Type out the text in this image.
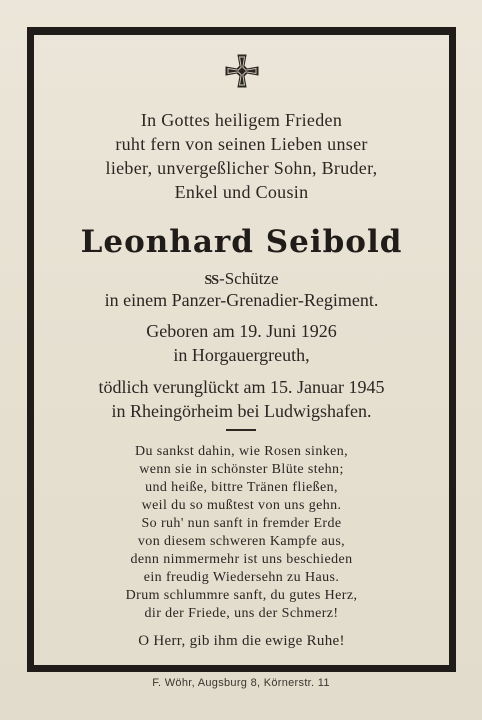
In Gottes heiligem Frieden
ruht fern von seinen Lieben unser
lieber, unvergeßlicher Sohn, Bruder,
Enkel und Cousin
Leonhard Seibold
SS-Schütze
in einem Panzer-Grenadier-Regiment.
Geboren am 19. Juni 1926
in Horgauergreuth,
tödlich verunglückt am 15. Januar 1945
in Rheingörheim bei Ludwigshafen.
Du sankst dahin, wie Rosen sinken,
wenn sie in schönster Blüte stehn;
und heiße, bittre Tränen fließen,
weil du so mußtest von uns gehn.
So ruh' nun sanft in fremder Erde
von diesem schweren Kampfe aus,
denn nimmermehr ist uns beschieden
ein freudig Wiedersehn zu Haus.
Drum schlummre sanft, du gutes Herz,
dir der Friede, uns der Schmerz!
O Herr, gib ihm die ewige Ruhe!
F. Wöhr, Augsburg 8, Körnerstr. 11
